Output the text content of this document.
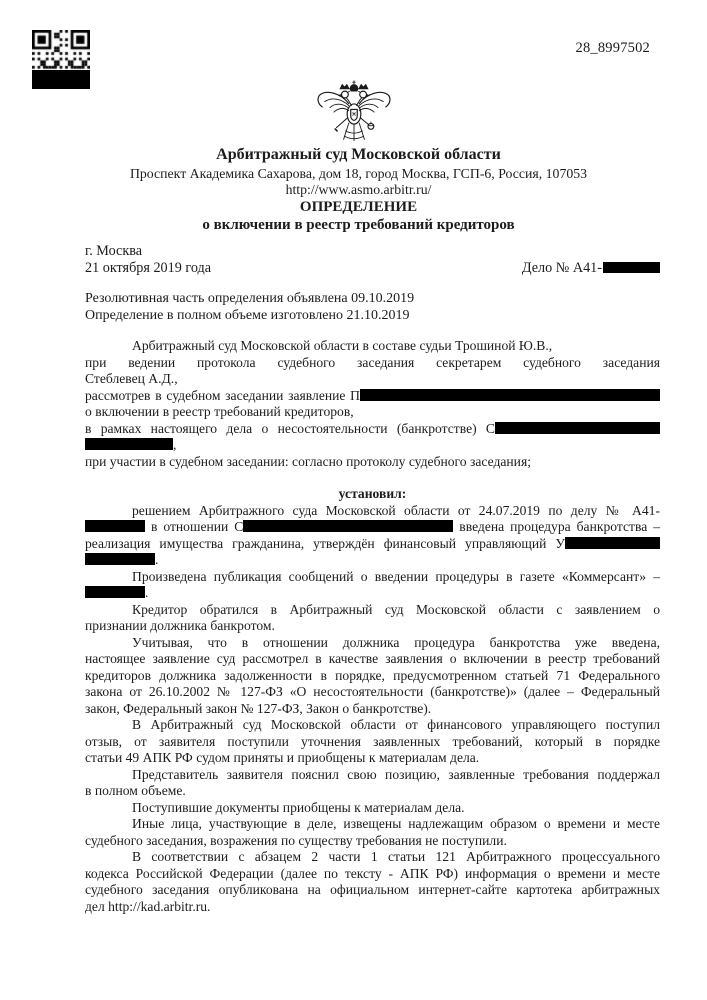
28_8997502
Арбитражный суд Московской области
Проспект Академика Сахарова, дом 18, город Москва, ГСП-6, Россия, 107053
http://www.asmo.arbitr.ru/
ОПРЕДЕЛЕНИЕ
о включении в реестр требований кредиторов
г. Москва
21 октября 2019 года	Дело № А41-
Резолютивная часть определения объявлена 09.10.2019
Определение в полном объеме изготовлено 21.10.2019
Арбитражный суд Московской области в составе судьи Трошиной Ю.В.,
при ведении протокола судебного заседания секретарем судебного заседания
Стеблевец А.Д.,
рассмотрев в судебном заседании заявление П
о включении в реестр требований кредиторов,
в рамках настоящего дела о несостоятельности (банкротстве) С
,
при участии в судебном заседании: согласно протоколу судебного заседания;
установил:
решением Арбитражного суда Московской области от 24.07.2019 по делу № А41-
в отношении С	введена процедура банкротства –
реализация имущества гражданина, утверждён финансовый управляющий У
.
Произведена публикация сообщений о введении процедуры в газете «Коммерсант» –
.
Кредитор обратился в Арбитражный суд Московской области с заявлением о
признании должника банкротом.
Учитывая, что в отношении должника процедура банкротства уже введена,
настоящее заявление суд рассмотрел в качестве заявления о включении в реестр требований
кредиторов должника задолженности в порядке, предусмотренном статьей 71 Федерального
закона от 26.10.2002 № 127-ФЗ «О несостоятельности (банкротстве)» (далее – Федеральный
закон, Федеральный закон № 127-ФЗ, Закон о банкротстве).
В Арбитражный суд Московской области от финансового управляющего поступил
отзыв, от заявителя поступили уточнения заявленных требований, который в порядке
статьи 49 АПК РФ судом приняты и приобщены к материалам дела.
Представитель заявителя пояснил свою позицию, заявленные требования поддержал
в полном объеме.
Поступившие документы приобщены к материалам дела.
Иные лица, участвующие в деле, извещены надлежащим образом о времени и месте
судебного заседания, возражения по существу требования не поступили.
В соответствии с абзацем 2 части 1 статьи 121 Арбитражного процессуального
кодекса Российской Федерации (далее по тексту - АПК РФ) информация о времени и месте
судебного заседания опубликована на официальном интернет-сайте картотека арбитражных
дел http://kad.arbitr.ru.
